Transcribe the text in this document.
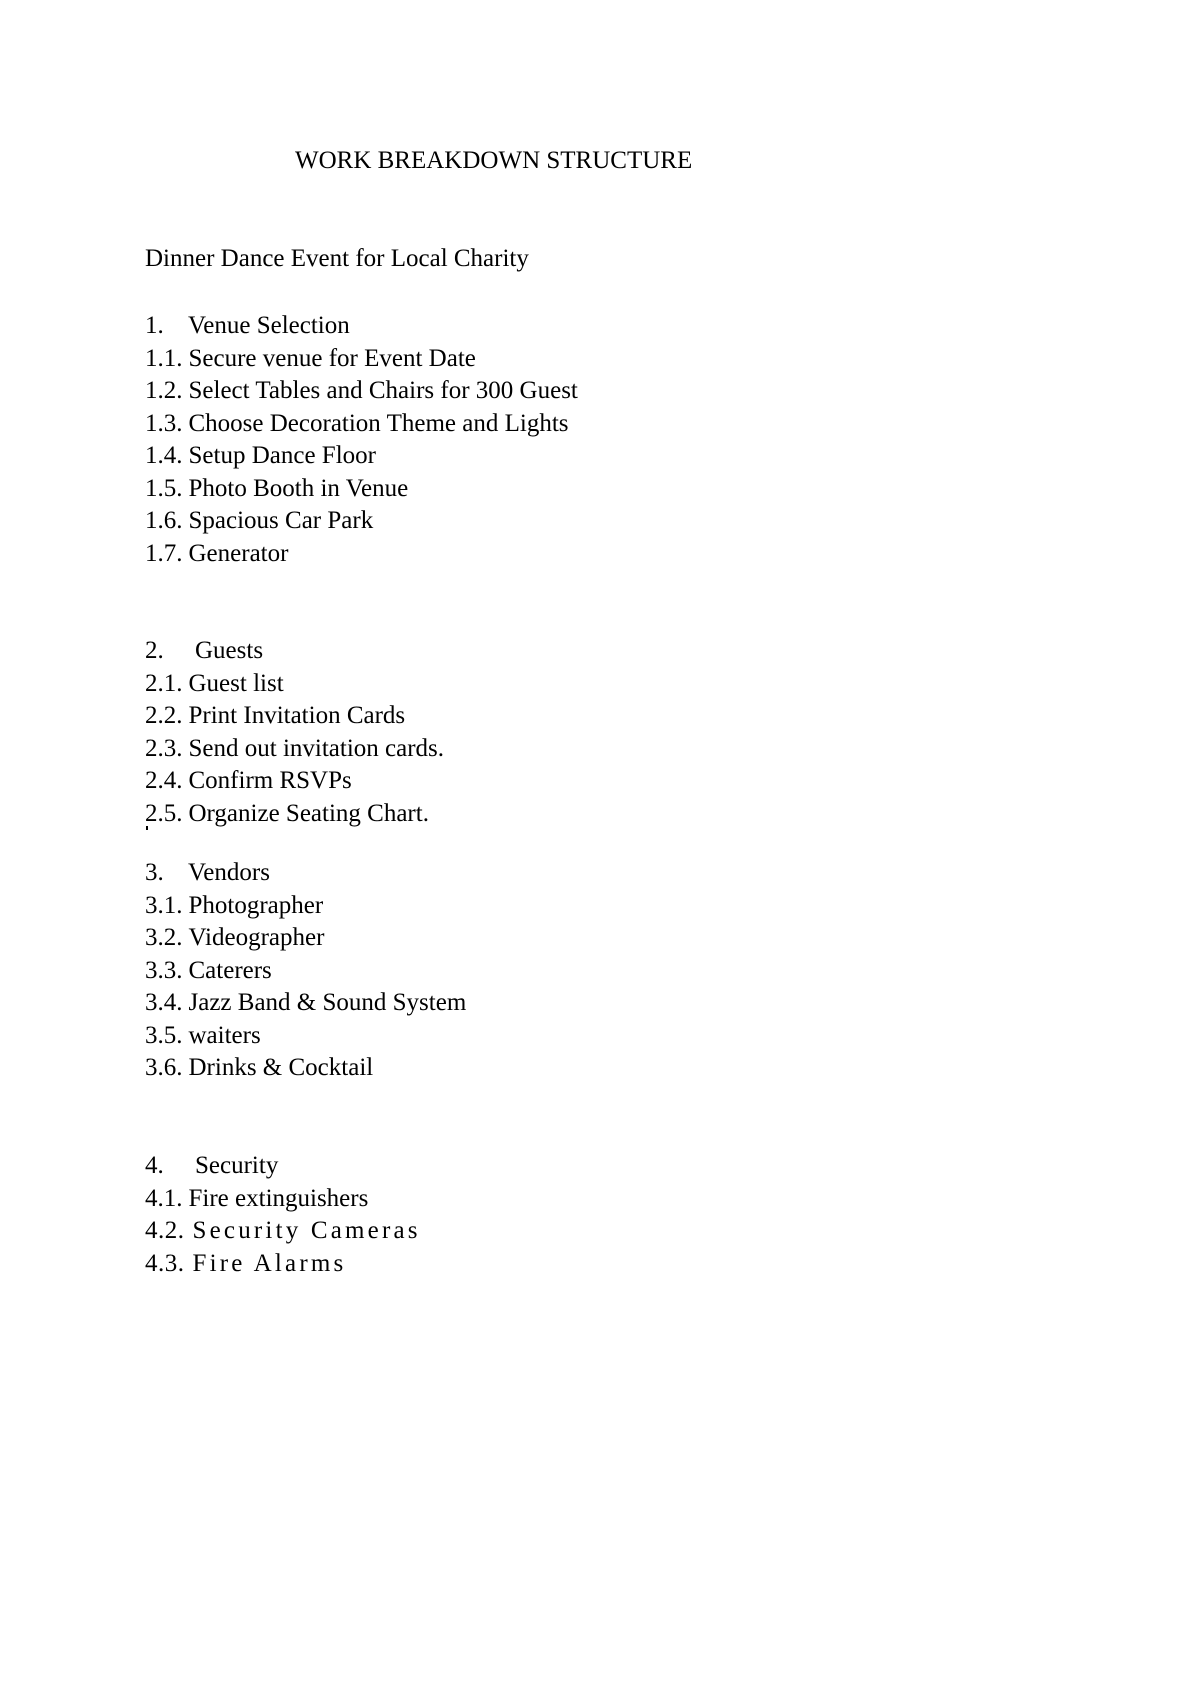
WORK BREAKDOWN STRUCTURE
Dinner Dance Event for Local Charity
1. Venue Selection
1.1. Secure venue for Event Date
1.2. Select Tables and Chairs for 300 Guest
1.3. Choose Decoration Theme and Lights
1.4. Setup Dance Floor
1.5. Photo Booth in Venue
1.6. Spacious Car Park
1.7. Generator
2. Guests
2.1. Guest list
2.2. Print Invitation Cards
2.3. Send out invitation cards.
2.4. Confirm RSVPs
2.5. Organize Seating Chart.
3. Vendors
3.1. Photographer
3.2. Videographer
3.3. Caterers
3.4. Jazz Band & Sound System
3.5. waiters
3.6. Drinks & Cocktail
4. Security
4.1. Fire extinguishers
4.2. Security Cameras
4.3. Fire Alarms
